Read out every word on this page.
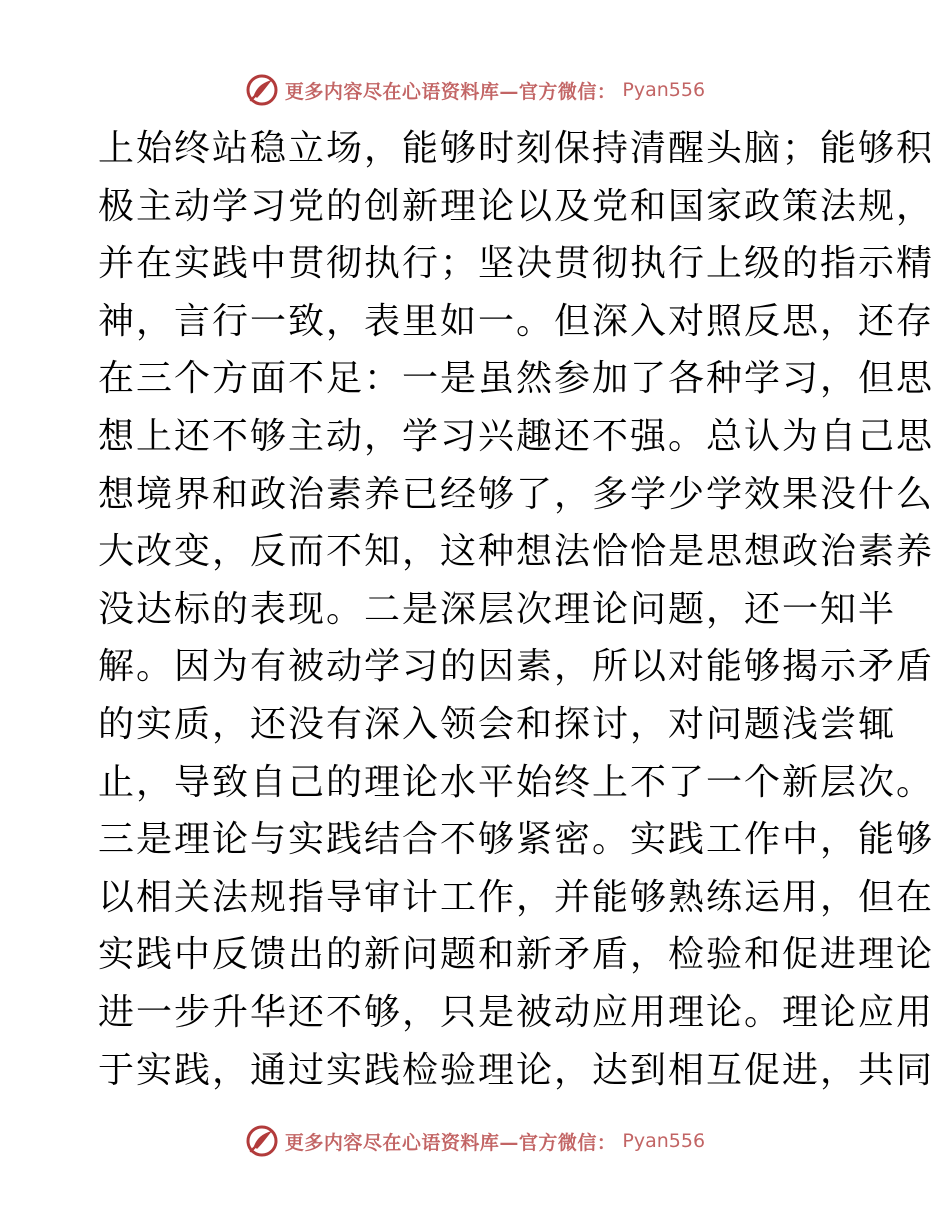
更多内容尽在心语资料库—官方微信： Pyan556
上始终站稳立场，能够时刻保持清醒头脑；能够积
极主动学习党的创新理论以及党和国家政策法规，
并在实践中贯彻执行；坚决贯彻执行上级的指示精
神，言行一致，表里如一。但深入对照反思，还存
在三个方面不足：一是虽然参加了各种学习，但思
想上还不够主动，学习兴趣还不强。总认为自己思
想境界和政治素养已经够了，多学少学效果没什么
大改变，反而不知，这种想法恰恰是思想政治素养
没达标的表现。二是深层次理论问题，还一知半
解。因为有被动学习的因素，所以对能够揭示矛盾
的实质，还没有深入领会和探讨，对问题浅尝辄
止，导致自己的理论水平始终上不了一个新层次。
三是理论与实践结合不够紧密。实践工作中，能够
以相关法规指导审计工作，并能够熟练运用，但在
实践中反馈出的新问题和新矛盾，检验和促进理论
进一步升华还不够，只是被动应用理论。理论应用
于实践，通过实践检验理论，达到相互促进，共同
更多内容尽在心语资料库—官方微信： Pyan556
